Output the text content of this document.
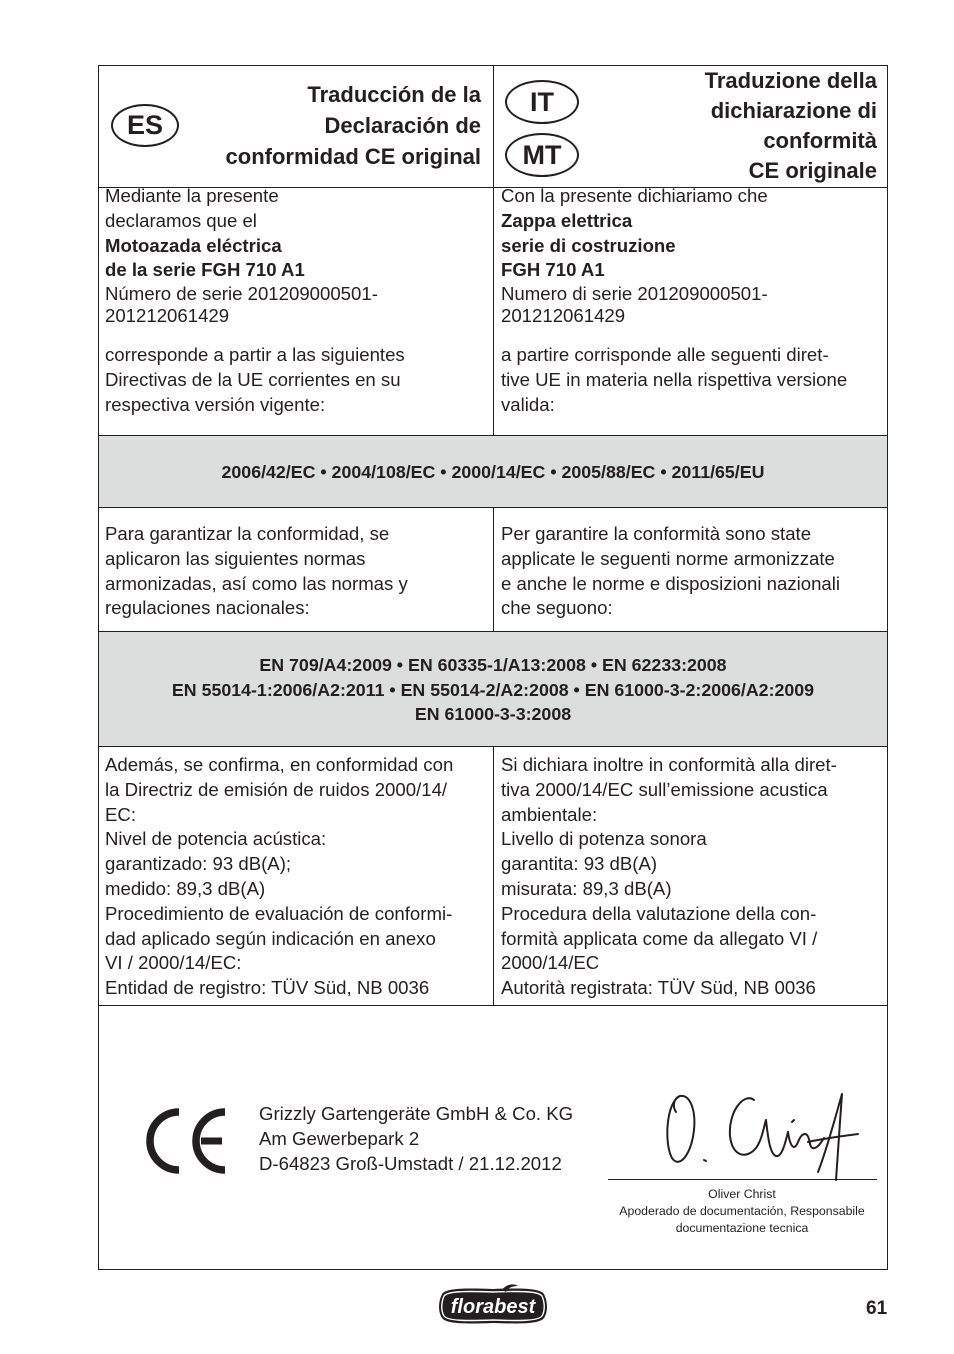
ES
Traducción de la
Declaración de
conformidad CE original
IT
MT
Traduzione della
dichiarazione di
conformità
CE originale
Mediante la presente
declaramos que el
Motoazada eléctrica
de la serie FGH 710 A1
Número de serie 201209000501-
201212061429
corresponde a partir a las siguientes
Directivas de la UE corrientes en su
respectiva versión vigente:
Con la presente dichiariamo che
Zappa elettrica
serie di costruzione
FGH 710 A1
Numero di serie 201209000501-
201212061429
a partire corrisponde alle seguenti diret-
tive UE in materia nella rispettiva versione
valida:
2006/42/EC • 2004/108/EC • 2000/14/EC • 2005/88/EC • 2011/65/EU
Para garantizar la conformidad, se
aplicaron las siguientes normas
armonizadas, así como las normas y
regulaciones nacionales:
Per garantire la conformità sono state
applicate le seguenti norme armonizzate
e anche le norme e disposizioni nazionali
che seguono:
EN 709/A4:2009 • EN 60335-1/A13:2008 • EN 62233:2008
EN 55014-1:2006/A2:2011 • EN 55014-2/A2:2008 • EN 61000-3-2:2006/A2:2009
EN 61000-3-3:2008
Además, se confirma, en conformidad con
la Directriz de emisión de ruidos 2000/14/
EC:
Nivel de potencia acústica:
garantizado: 93 dB(A);
medido: 89,3 dB(A)
Procedimiento de evaluación de conformi-
dad aplicado según indicación en anexo
VI / 2000/14/EC:
Entidad de registro: TÜV Süd, NB 0036
Si dichiara inoltre in conformità alla diret-
tiva 2000/14/EC sull’emissione acustica
ambientale:
Livello di potenza sonora
garantita: 93 dB(A)
misurata: 89,3 dB(A)
Procedura della valutazione della con-
formità applicata come da allegato VI /
2000/14/EC
Autorità registrata: TÜV Süd, NB 0036
Grizzly Gartengeräte GmbH & Co. KG
Am Gewerbepark 2
D-64823 Groß-Umstadt / 21.12.2012
Oliver Christ
Apoderado de documentación, Responsabile
documentazione tecnica
florabest	61
